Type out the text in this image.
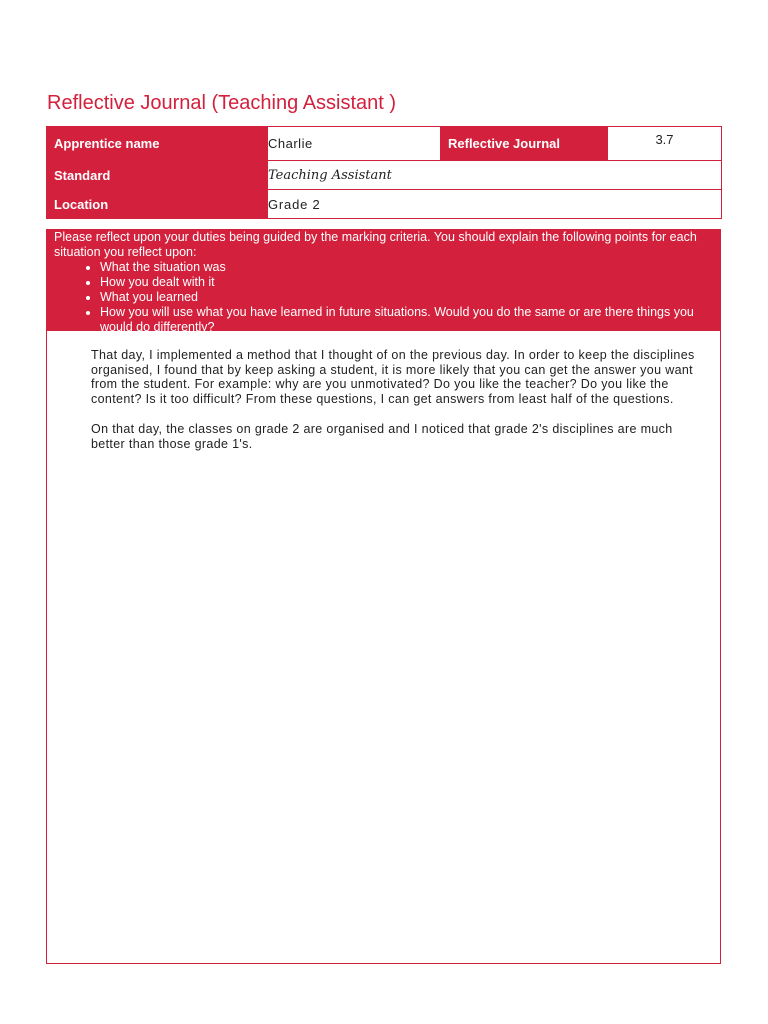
Reflective Journal (Teaching Assistant )
Apprentice name	Charlie	Reflective Journal	3.7
Standard	Teaching Assistant		
Location	Grade 2		
Please reflect upon your duties being guided by the marking criteria. You should explain the following points for each situation you reflect upon:
• What the situation was
• How you dealt with it
• What you learned
• How you will use what you have learned in future situations. Would you do the same or are there things you would do differently?

That day, I implemented a method that I thought of on the previous day. In order to keep the disciplines organised, I found that by keep asking a student, it is more likely that you can get the answer you want from the student. For example: why are you unmotivated? Do you like the teacher? Do you like the content? Is it too difficult? From these questions, I can get answers from least half of the questions.

On that day, the classes on grade 2 are organised and I noticed that grade 2's disciplines are much better than those grade 1's.
